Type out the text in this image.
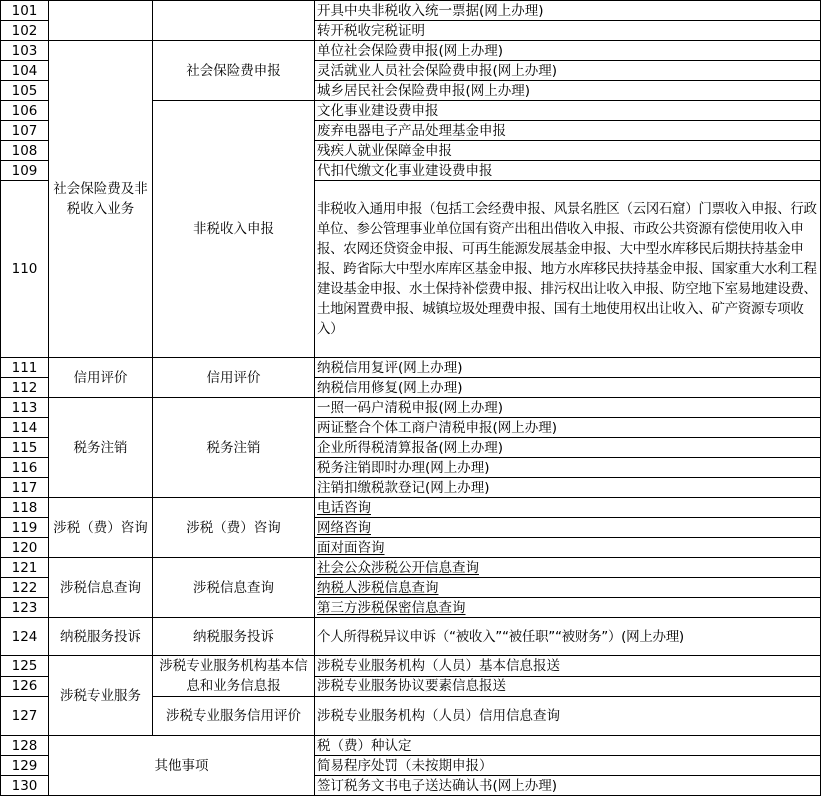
101			开具中央非税收入统一票据(网上办理)
102			转开税收完税证明
103	社会保险费及非税收入业务	社会保险费申报	单位社会保险费申报(网上办理)
104			灵活就业人员社会保险费申报(网上办理)
105			城乡居民社会保险费申报(网上办理)
106		非税收入申报	文化事业建设费申报
107			废弃电器电子产品处理基金申报
108			残疾人就业保障金申报
109			代扣代缴文化事业建设费申报
110			非税收入通用申报（包括工会经费申报、风景名胜区（云冈石窟）门票收入申报、行政单位、参公管理事业单位国有资产出租出借收入申报、市政公共资源有偿使用收入申报、农网还贷资金申报、可再生能源发展基金申报、大中型水库移民后期扶持基金申报、跨省际大中型水库库区基金申报、地方水库移民扶持基金申报、国家重大水利工程建设基金申报、水土保持补偿费申报、排污权出让收入申报、防空地下室易地建设费、土地闲置费申报、城镇垃圾处理费申报、国有土地使用权出让收入、矿产资源专项收入）
111	信用评价	信用评价	纳税信用复评(网上办理)
112			纳税信用修复(网上办理)
113	税务注销	税务注销	一照一码户清税申报(网上办理)
114			两证整合个体工商户清税申报(网上办理)
115			企业所得税清算报备(网上办理)
116			税务注销即时办理(网上办理)
117			注销扣缴税款登记(网上办理)
118	涉税（费）咨询	涉税（费）咨询	电话咨询
119			网络咨询
120			面对面咨询
121	涉税信息查询	涉税信息查询	社会公众涉税公开信息查询
122			纳税人涉税信息查询
123			第三方涉税保密信息查询
124	纳税服务投诉	纳税服务投诉	个人所得税异议申诉（“被收入”“被任职”“被财务”）(网上办理)
125	涉税专业服务	涉税专业服务机构基本信息和业务信息报	涉税专业服务机构（人员）基本信息报送
126			涉税专业服务协议要素信息报送
127		涉税专业服务信用评价	涉税专业服务机构（人员）信用信息查询
128	其他事项		税（费）种认定
129			简易程序处罚（未按期申报）
130			签订税务文书电子送达确认书(网上办理)
